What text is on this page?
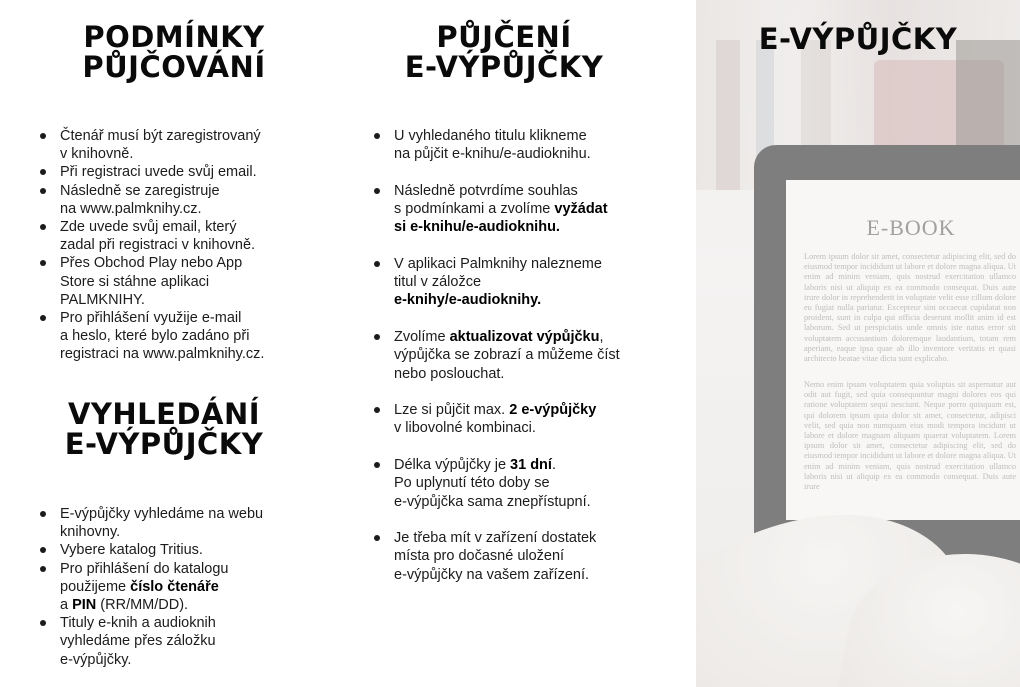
PODMÍNKY
PŮJČOVÁNÍ
Čtenář musí být zaregistrovaný
v knihovně.
Při registraci uvede svůj email.
Následně se zaregistruje
na www.palmknihy.cz.
Zde uvede svůj email, který
zadal při registraci v knihovně.
Přes Obchod Play nebo App
Store si stáhne aplikaci
PALMKNIHY.
Pro přihlášení využije e-mail
a heslo, které bylo zadáno při
registraci na www.palmknihy.cz.
VYHLEDÁNÍ
E-VÝPŮJČKY
E-výpůjčky vyhledáme na webu
knihovny.
Vybere katalog Tritius.
Pro přihlášení do katalogu
použijeme číslo čtenáře
a PIN (RR/MM/DD).
Tituly e-knih a audioknih
vyhledáme přes záložku
e-výpůjčky.
PŮJČENÍ
E-VÝPŮJČKY
U vyhledaného titulu klikneme
na půjčit e-knihu/e-audioknihu.
Následně potvrdíme souhlas
s podmínkami a zvolíme vyžádat
si e-knihu/e-audioknihu.
V aplikaci Palmknihy nalezneme
titul v záložce
e-knihy/e-audioknihy.
Zvolíme aktualizovat výpůjčku,
výpůjčka se zobrazí a můžeme číst
nebo poslouchat.
Lze si půjčit max. 2 e-výpůjčky
v libovolné kombinaci.
Délka výpůjčky je 31 dní.
Po uplynutí této doby se
e-výpůjčka sama znepřístupní.
Je třeba mít v zařízení dostatek
místa pro dočasné uložení
e-výpůjčky na vašem zařízení.
E-BOOK
Lorem ipsum dolor sit amet, consectetur adipiscing elit, sed do eiusmod tempor incididunt ut labore et dolore magna aliqua. Ut enim ad minim veniam, quis nostrud exercitation ullamco laboris nisi ut aliquip ex ea commodo consequat. Duis aute irure dolor in reprehenderit in voluptate velit esse cillum dolore eu fugiat nulla pariatur. Excepteur sint occaecat cupidatat non proident, sunt in culpa qui officia deserunt mollit anim id est laborum. Sed ut perspiciatis unde omnis iste natus error sit voluptatem accusantium doloremque laudantium, totam rem aperiam, eaque ipsa quae ab illo inventore veritatis et quasi architecto beatae vitae dicta sunt explicabo.
Nemo enim ipsam voluptatem quia voluptas sit aspernatur aut odit aut fugit, sed quia consequuntur magni dolores eos qui ratione voluptatem sequi nesciunt. Neque porro quisquam est, qui dolorem ipsum quia dolor sit amet, consectetur, adipisci velit, sed quia non numquam eius modi tempora incidunt ut labore et dolore magnam aliquam quaerat voluptatem. Lorem ipsum dolor sit amet, consectetur adipiscing elit, sed do eiusmod tempor incididunt ut labore et dolore magna aliqua. Ut enim ad minim veniam, quis nostrud exercitation ullamco laboris nisi ut aliquip ex ea commodo consequat. Duis aute irure
E-VÝPŮJČKY
